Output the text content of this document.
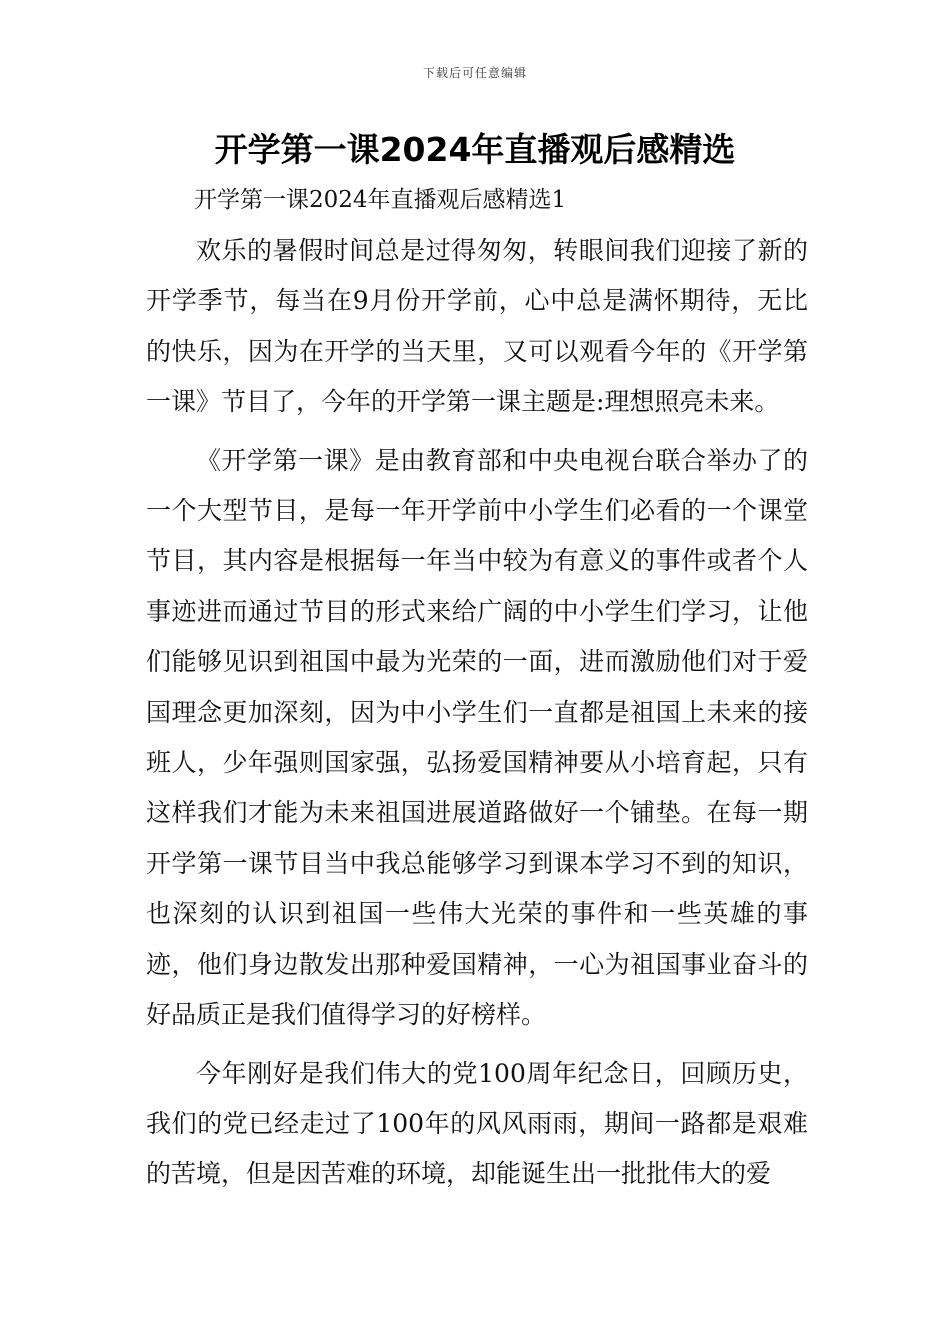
下载后可任意编辑
开学第一课2024年直播观后感精选
开学第一课2024年直播观后感精选1

欢乐的暑假时间总是过得匆匆，转眼间我们迎接了新的开学季节，每当在9月份开学前，心中总是满怀期待，无比的快乐，因为在开学的当天里，又可以观看今年的《开学第一课》节目了，今年的开学第一课主题是:理想照亮未来。

《开学第一课》是由教育部和中央电视台联合举办了的一个大型节目，是每一年开学前中小学生们必看的一个课堂节目，其内容是根据每一年当中较为有意义的事件或者个人事迹进而通过节目的形式来给广阔的中小学生们学习，让他们能够见识到祖国中最为光荣的一面，进而激励他们对于爱国理念更加深刻，因为中小学生们一直都是祖国上未来的接班人，少年强则国家强，弘扬爱国精神要从小培育起，只有这样我们才能为未来祖国进展道路做好一个铺垫。在每一期开学第一课节目当中我总能够学习到课本学习不到的知识，也深刻的认识到祖国一些伟大光荣的事件和一些英雄的事迹，他们身边散发出那种爱国精神，一心为祖国事业奋斗的好品质正是我们值得学习的好榜样。

今年刚好是我们伟大的党100周年纪念日，回顾历史，我们的党已经走过了100年的风风雨雨，期间一路都是艰难的苦境，但是因苦难的环境，却能诞生出一批批伟大的爱
